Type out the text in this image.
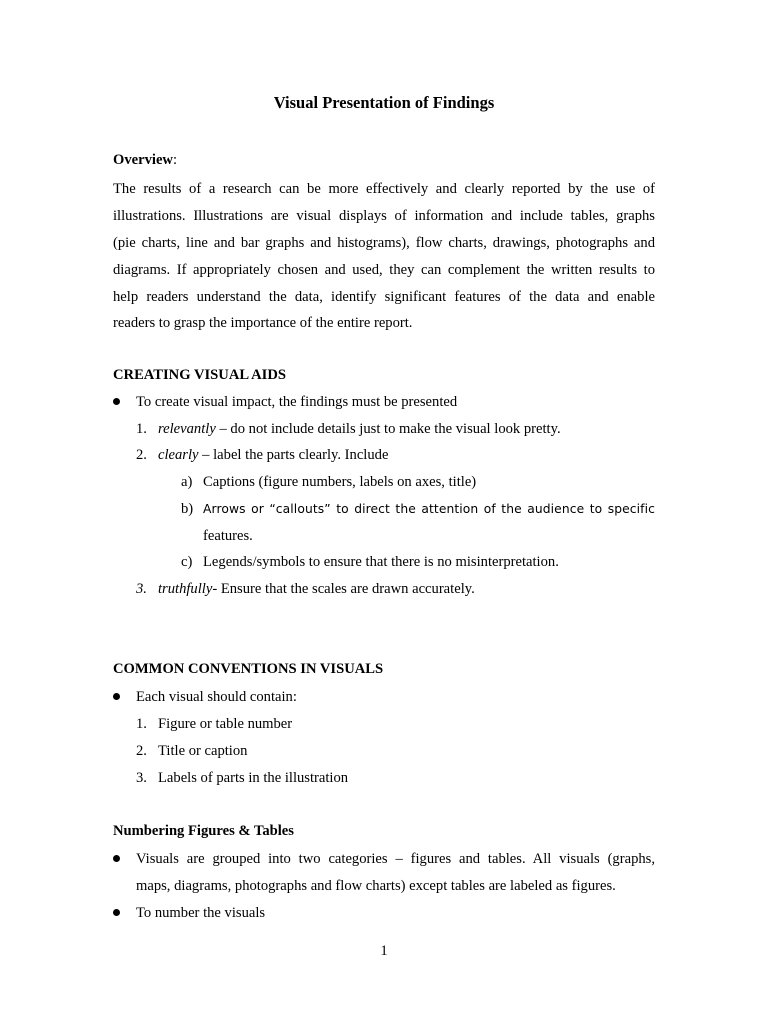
Visual Presentation of Findings
Overview:
The results of a research can be more effectively and clearly reported by the use of
illustrations. Illustrations are visual displays of information and include tables, graphs
(pie charts, line and bar graphs and histograms), flow charts, drawings, photographs and
diagrams. If appropriately chosen and used, they can complement the written results to
help readers understand the data, identify significant features of the data and enable
readers to grasp the importance of the entire report.
CREATING VISUAL AIDS
To create visual impact, the findings must be presented
1. relevantly – do not include details just to make the visual look pretty.
2. clearly – label the parts clearly. Include
a) Captions (figure numbers, labels on axes, title)
b) Arrows or “callouts” to direct the attention of the audience to specific
features.
c) Legends/symbols to ensure that there is no misinterpretation.
3. truthfully- Ensure that the scales are drawn accurately.
COMMON CONVENTIONS IN VISUALS
Each visual should contain:
1. Figure or table number
2. Title or caption
3. Labels of parts in the illustration
Numbering Figures & Tables
Visuals are grouped into two categories – figures and tables. All visuals (graphs,
maps, diagrams, photographs and flow charts) except tables are labeled as figures.
To number the visuals
1
